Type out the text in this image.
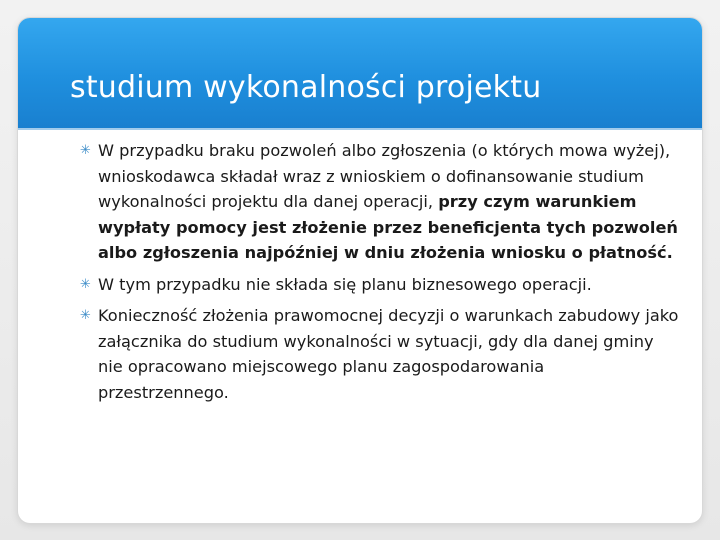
studium wykonalności projektu
✳ W przypadku braku pozwoleń albo zgłoszenia (o których mowa wyżej), wnioskodawca składał wraz z wnioskiem o dofinansowanie studium wykonalności projektu dla danej operacji, przy czym warunkiem wypłaty pomocy jest złożenie przez beneficjenta tych pozwoleń albo zgłoszenia najpóźniej w dniu złożenia wniosku o płatność.
✳ W tym przypadku nie składa się planu biznesowego operacji.
✳ Konieczność złożenia prawomocnej decyzji o warunkach zabudowy jako załącznika do studium wykonalności w sytuacji, gdy dla danej gminy nie opracowano miejscowego planu zagospodarowania przestrzennego.
